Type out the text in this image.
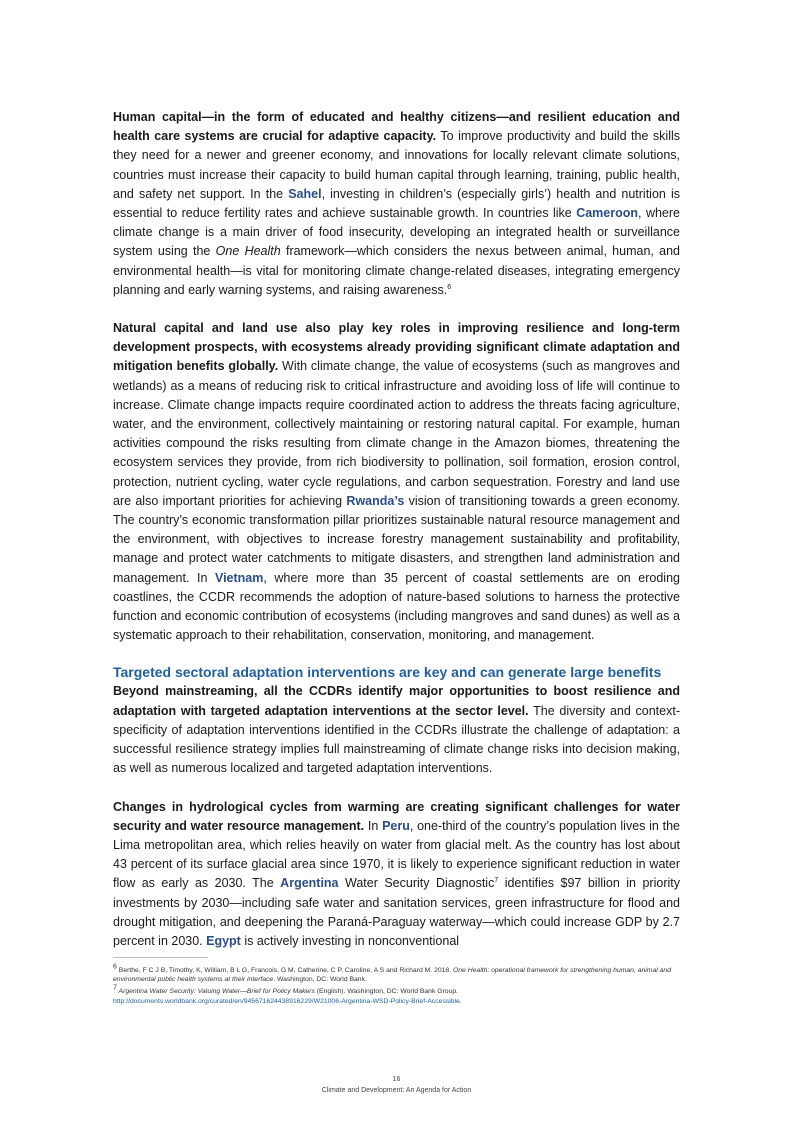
Human capital—in the form of educated and healthy citizens—and resilient education and health care systems are crucial for adaptive capacity. To improve productivity and build the skills they need for a newer and greener economy, and innovations for locally relevant climate solutions, countries must increase their capacity to build human capital through learning, training, public health, and safety net support. In the Sahel, investing in children’s (especially girls’) health and nutrition is essential to reduce fertility rates and achieve sustainable growth. In countries like Cameroon, where climate change is a main driver of food insecurity, developing an integrated health or surveillance system using the One Health framework—which considers the nexus between animal, human, and environmental health—is vital for monitoring climate change-related diseases, integrating emergency planning and early warning systems, and raising awareness.$^6$

Natural capital and land use also play key roles in improving resilience and long-term development prospects, with ecosystems already providing significant climate adaptation and mitigation benefits globally. With climate change, the value of ecosystems (such as mangroves and wetlands) as a means of reducing risk to critical infrastructure and avoiding loss of life will continue to increase. Climate change impacts require coordinated action to address the threats facing agriculture, water, and the environment, collectively maintaining or restoring natural capital. For example, human activities compound the risks resulting from climate change in the Amazon biomes, threatening the ecosystem services they provide, from rich biodiversity to pollination, soil formation, erosion control, protection, nutrient cycling, water cycle regulations, and carbon sequestration. Forestry and land use are also important priorities for achieving Rwanda’s vision of transitioning towards a green economy. The country’s economic transformation pillar prioritizes sustainable natural resource management and the environment, with objectives to increase forestry management sustainability and profitability, manage and protect water catchments to mitigate disasters, and strengthen land administration and management. In Vietnam, where more than 35 percent of coastal settlements are on eroding coastlines, the CCDR recommends the adoption of nature-based solutions to harness the protective function and economic contribution of ecosystems (including mangroves and sand dunes) as well as a systematic approach to their rehabilitation, conservation, monitoring, and management.

Targeted sectoral adaptation interventions are key and can generate large benefits

Beyond mainstreaming, all the CCDRs identify major opportunities to boost resilience and adaptation with targeted adaptation interventions at the sector level. The diversity and context-specificity of adaptation interventions identified in the CCDRs illustrate the challenge of adaptation: a successful resilience strategy implies full mainstreaming of climate change risks into decision making, as well as numerous localized and targeted adaptation interventions.

Changes in hydrological cycles from warming are creating significant challenges for water security and water resource management. In Peru, one-third of the country’s population lives in the Lima metropolitan area, which relies heavily on water from glacial melt. As the country has lost about 43 percent of its surface glacial area since 1970, it is likely to experience significant reduction in water flow as early as 2030. The Argentina Water Security Diagnostic$^7$ identifies $97 billion in priority investments by 2030—including safe water and sanitation services, green infrastructure for flood and drought mitigation, and deepening the Paraná-Paraguay waterway—which could increase GDP by 2.7 percent in 2030. Egypt is actively investing in nonconventional

6 Berthe, F C J B, Timothy, K, William, B L G, Francois, G M, Catherine, C P, Caroline, A S and Richard M. 2018. One Health: operational framework for strengthening human, animal and environmental public health systems at their interface. Washington, DC: World Bank.

7 Argentina Water Security: Valuing Water—Brief for Policy Makers (English). Washington, DC: World Bank Group. http://documents.worldbank.org/curated/en/945671624438916229/W21006-Argentina-WSD-Policy-Brief-Accessible.

16
Climate and Development: An Agenda for Action
